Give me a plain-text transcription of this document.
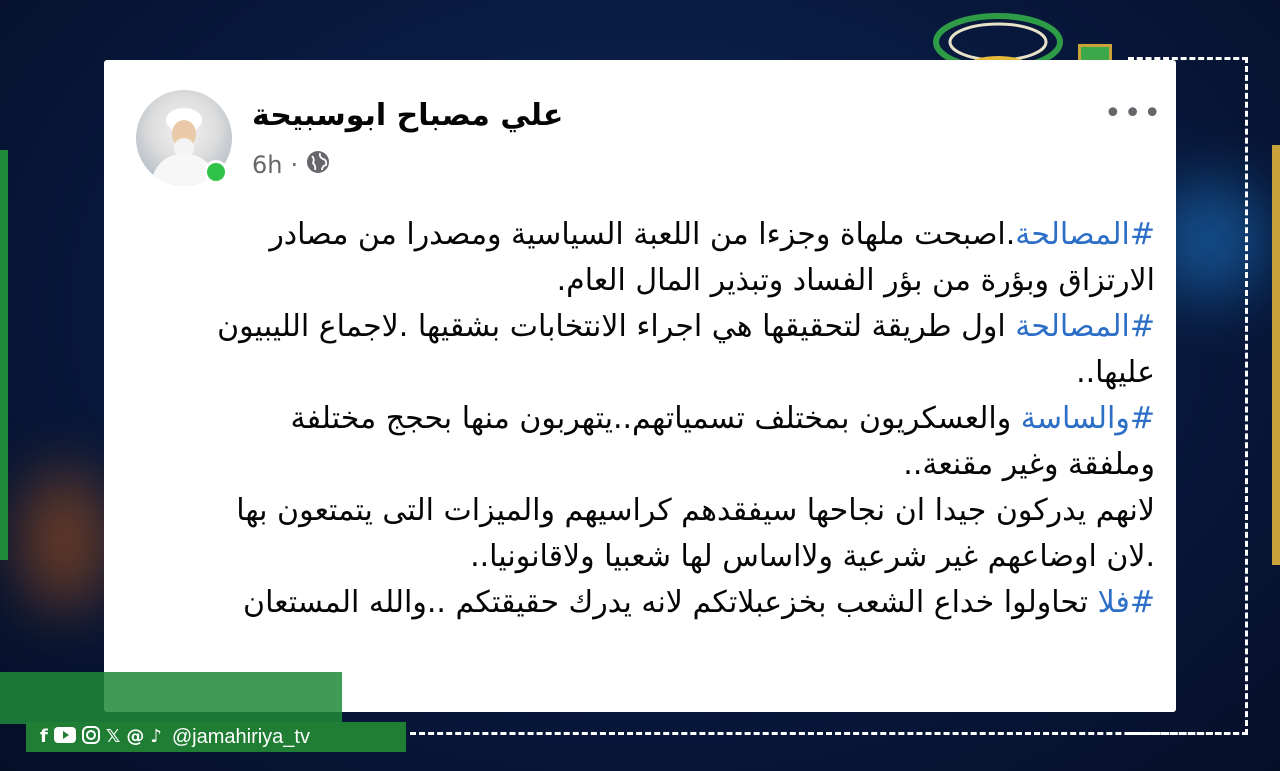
علي مصباح ابوسبيحة
6h ·
•••

#المصالحة.اصبحت ملهاة وجزءا من اللعبة السياسية ومصدرا من مصادر الارتزاق وبؤرة من بؤر الفساد وتبذير المال العام.

#المصالحة اول طريقة لتحقيقها هي اجراء الانتخابات بشقيها .لاجماع الليبيون عليها..

#والساسة والعسكريون بمختلف تسمياتهم..يتهربون منها بحجج مختلفة وملفقة وغير مقنعة..

لانهم يدركون جيدا ان نجاحها سيفقدهم كراسيهم والميزات التى يتمتعون بها .لان اوضاعهم غير شرعية ولااساس لها شعبيا ولاقانونيا..

#فلا تحاولوا خداع الشعب بخزعبلاتكم لانه يدرك حقيقتكم ..والله المستعان

f	𝕏 @ ♪ @jamahiriya_tv
